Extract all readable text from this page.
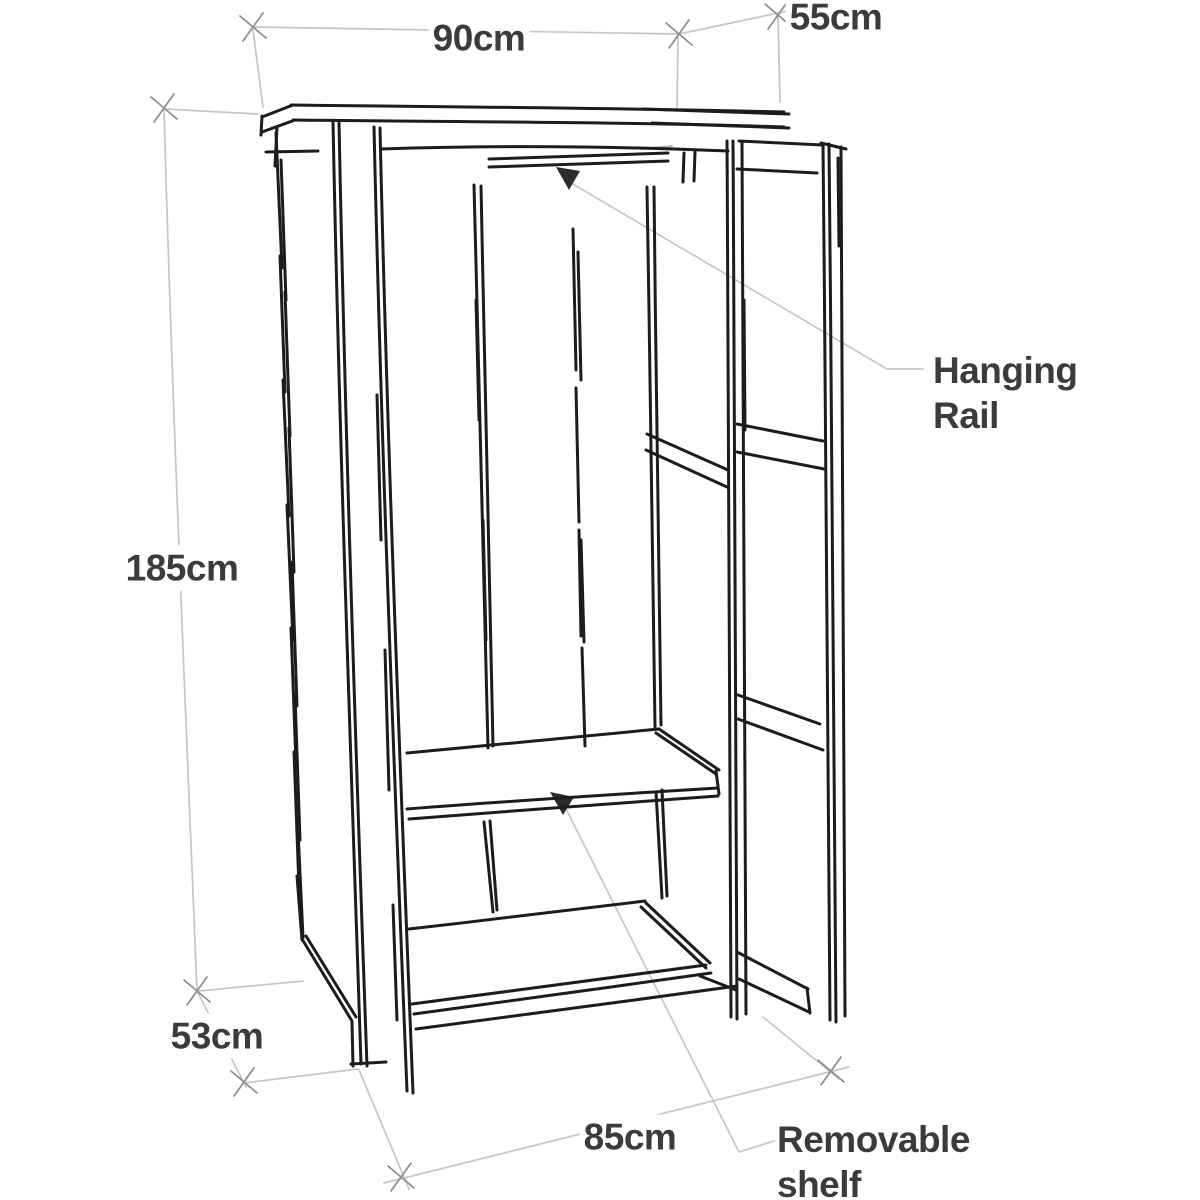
90cm
55cm
185cm
53cm
85cm
Hanging
Rail
Removable
shelf
